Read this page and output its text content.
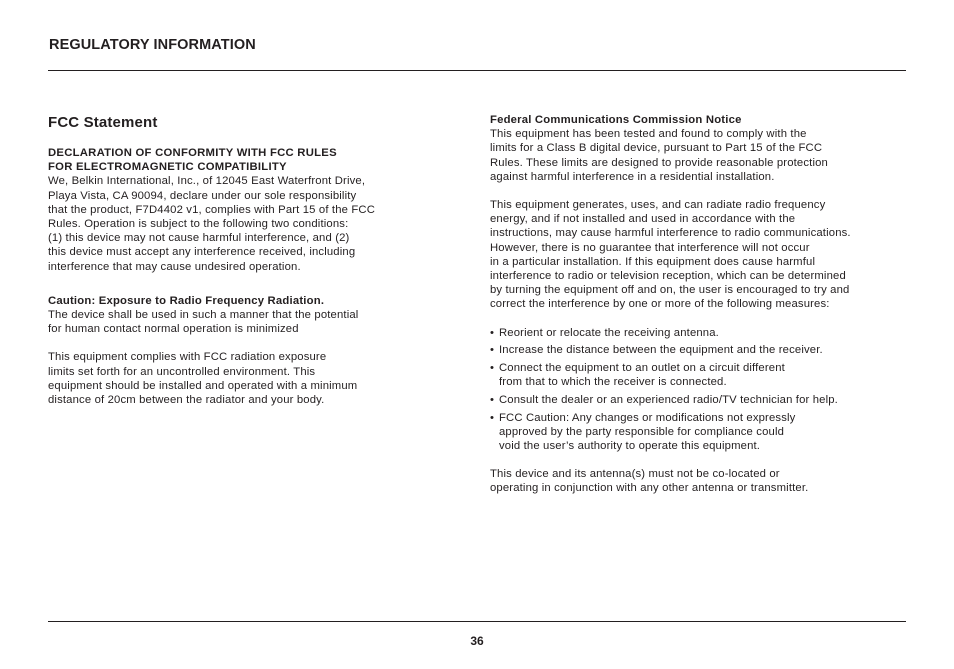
REGULATORY INFORMATION
FCC Statement
DECLARATION OF CONFORMITY WITH FCC RULES
FOR ELECTROMAGNETIC COMPATIBILITY
We, Belkin International, Inc., of 12045 East Waterfront Drive,
Playa Vista, CA 90094, declare under our sole responsibility
that the product, F7D4402 v1, complies with Part 15 of the FCC
Rules. Operation is subject to the following two conditions:
(1) this device may not cause harmful interference, and (2)
this device must accept any interference received, including
interference that may cause undesired operation.
Caution: Exposure to Radio Frequency Radiation.
The device shall be used in such a manner that the potential
for human contact normal operation is minimized
This equipment complies with FCC radiation exposure
limits set forth for an uncontrolled environment. This
equipment should be installed and operated with a minimum
distance of 20cm between the radiator and your body.
Federal Communications Commission Notice
This equipment has been tested and found to comply with the
limits for a Class B digital device, pursuant to Part 15 of the FCC
Rules. These limits are designed to provide reasonable protection
against harmful interference in a residential installation.
This equipment generates, uses, and can radiate radio frequency
energy, and if not installed and used in accordance with the
instructions, may cause harmful interference to radio communications.
However, there is no guarantee that interference will not occur
in a particular installation. If this equipment does cause harmful
interference to radio or television reception, which can be determined
by turning the equipment off and on, the user is encouraged to try and
correct the interference by one or more of the following measures:
• Reorient or relocate the receiving antenna.
• Increase the distance between the equipment and the receiver.
• Connect the equipment to an outlet on a circuit different
from that to which the receiver is connected.
• Consult the dealer or an experienced radio/TV technician for help.
• FCC Caution: Any changes or modifications not expressly
approved by the party responsible for compliance could
void the user’s authority to operate this equipment.
This device and its antenna(s) must not be co-located or
operating in conjunction with any other antenna or transmitter.
36
